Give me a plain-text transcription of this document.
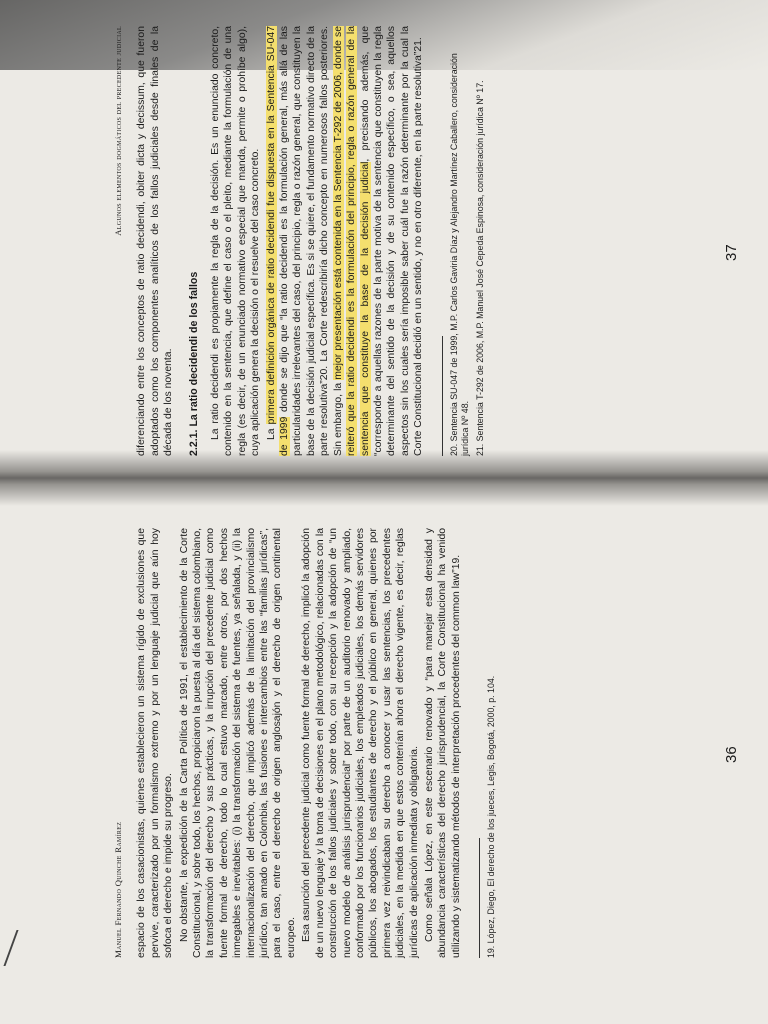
Algunos elementos dogmáticos del precedente judicial diferenciando entre los conceptos de ratio decidendi, obiter dicta y decissum, que fueron adoptados como los componentes analíticos de los fallos judiciales desde finales de la década de los noventa. 2.2.1. La ratio decidendi de los fallos La ratio decidendi es propiamente la regla de la decisión. Es un enunciado concreto, contenido en la sentencia, que define el caso o el pleito, mediante la formulación de una regla (es decir, de un enunciado normativo especial que manda, permite o prohíbe algo), cuya aplicación genera la decisión o el resuelve del caso concreto. La primera definición orgánica de ratio decidendi fue dispuesta en la Sentencia SU-047 de 1999 donde se dijo que “la ratio decidendi es la formulación general, más allá de las particularidades irrelevantes del caso, del principio, regla o razón general, que constituyen la base de la decisión judicial específica. Es si se quiere, el fundamento normativo directo de la parte resolutiva”20. La Corte redescribiría dicho concepto en numerosos fallos posteriores. Sin embargo, la mejor presentación está contenida en la Sentencia T-292 de 2006, donde se reiteró que la ratio decidendi es la formulación del principio, regla o razón general de la sentencia que constituye la base de la decisión judicial, precisando además, que “corresponde a aquellas razones de la parte motiva de la sentencia que constituyen la regla determinante del sentido de la decisión y de su contenido específico, o sea, aquellos aspectos sin los cuales sería imposible saber cuál fue la razón determinante por la cual la Corte Constitucional decidió en un sentido, y no en otro diferente, en la parte resolutiva”21.	20. Sentencia SU-047 de 1999, M.P. Carlos Gaviria Díaz y Alejandro Martínez Caballero, consideración jurídica Nº 48. 21. Sentencia T-292 de 2006, M.P. Manuel José Cepeda Espinosa, consideración jurídica Nº 17.	37
Manuel Fernando Quinche Ramírez espacio de los casacionistas, quienes establecieron un sistema rígido de exclusiones que pervive, caracterizado por un formalismo extremo y por un lenguaje judicial que aún hoy sofoca el derecho e impide su progreso. No obstante, la expedición de la Carta Política de 1991, el establecimiento de la Corte Constitucional, y sobre todo, los hechos, propiciaron la puesta al día del sistema colombiano, la transformación del derecho y sus prácticas, y la irrupción del precedente judicial como fuente formal de derecho, todo lo cual estuvo marcado, entre otros, por dos hechos inmegables e inevitables: (i) la transformación del sistema de fuentes, ya señalada, y (ii) la internacionalización del derecho, que implicó además de la limitación del provincialismo jurídico, tan amado en Colombia, las fusiones e intercambios entre las “familias jurídicas”, para el caso, entre el derecho de origen anglosajón y el derecho de origen continental europeo. Esa asunción del precedente judicial como fuente formal de derecho, implicó la adopción de un nuevo lenguaje y la toma de decisiones en el plano metodológico, relacionadas con la construcción de los fallos judiciales y sobre todo, con su recepción y la adopción de “un nuevo modelo de análisis jurisprudencial” por parte de un auditorio renovado y ampliado, conformado por los funcionarios judiciales, los empleados judiciales, los demás servidores públicos, los abogados, los estudiantes de derecho y el público en general, quienes por primera vez reivindicaban su derecho a conocer y usar las sentencias, los precedentes judiciales, en la medida en que estos contenían ahora el derecho vigente, es decir, reglas jurídicas de aplicación inmediata y obligatoria. Como señala López, en este escenario renovado y “para manejar esta densidad y abundancia características del derecho jurisprudencial, la Corte Constitucional ha venido utilizando y sistematizando métodos de interpretación procedentes del common law”19.	19. López, Diego, El derecho de los jueces, Legis, Bogotá, 2000, p. 104.	36
